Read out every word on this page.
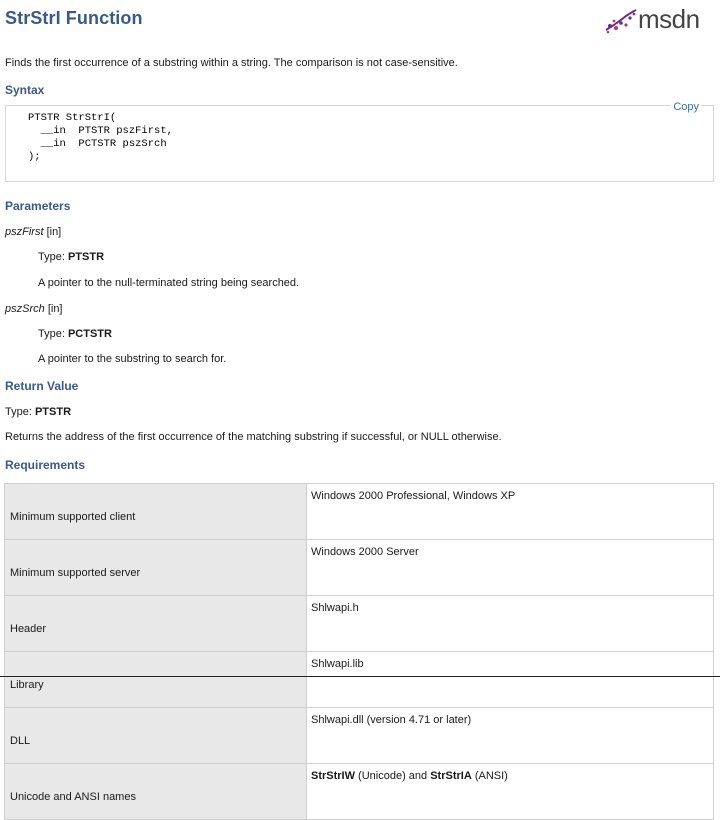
StrStrI Function	msdn
Finds the first occurrence of a substring within a string. The comparison is not case-sensitive.
Syntax
Copy
PTSTR StrStrI(
__in  PTSTR pszFirst,
__in  PCTSTR pszSrch
);
Parameters
pszFirst [in]
Type: PTSTR
A pointer to the null-terminated string being searched.
pszSrch [in]
Type: PCTSTR
A pointer to the substring to search for.
Return Value
Type: PTSTR
Returns the address of the first occurrence of the matching substring if successful, or NULL otherwise.
Requirements
Minimum supported client	Windows 2000 Professional, Windows XP
Minimum supported server	Windows 2000 Server
Header	Shlwapi.h
Library	Shlwapi.lib
DLL	Shlwapi.dll (version 4.71 or later)
Unicode and ANSI names	StrStrIW (Unicode) and StrStrIA (ANSI)
